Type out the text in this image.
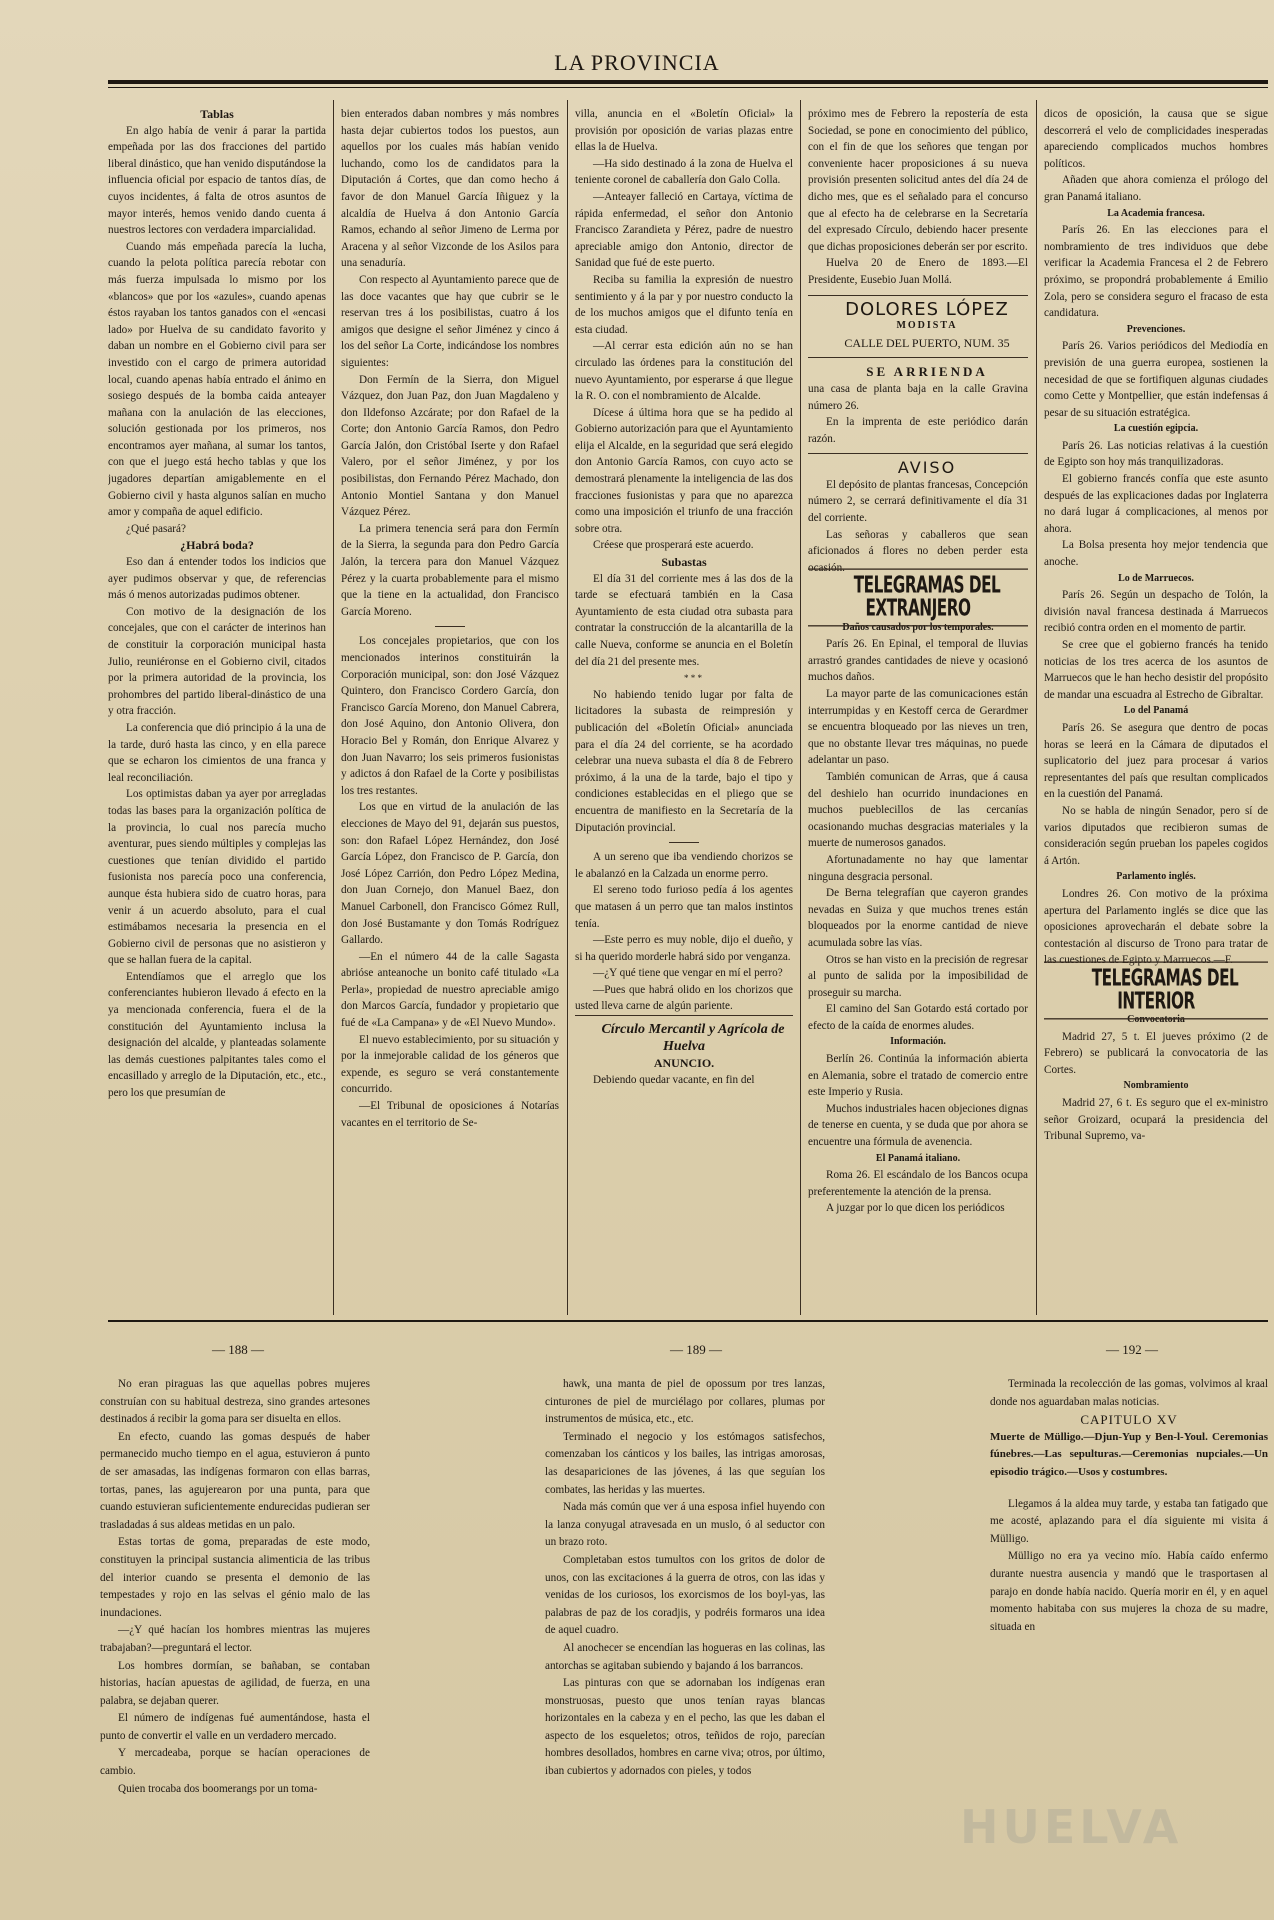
HUELVA
LA PROVINCIA

Tablas

En algo había de venir á parar la partida empeñada por las dos fracciones del partido liberal dinástico, que han venido disputándose la influencia oficial por espacio de tantos días, de cuyos incidentes, á falta de otros asuntos de mayor interés, hemos venido dando cuenta á nuestros lectores con verdadera imparcialidad.

Cuando más empeñada parecía la lucha, cuando la pelota política parecía rebotar con más fuerza impulsada lo mismo por los «blancos» que por los «azules», cuando apenas éstos rayaban los tantos ganados con el «encasi lado» por Huelva de su candidato favorito y daban un nombre en el Gobierno civil para ser investido con el cargo de primera autoridad local, cuando apenas había entrado el ánimo en sosiego después de la bomba caida anteayer mañana con la anulación de las elecciones, solución gestionada por los primeros, nos encontramos ayer mañana, al sumar los tantos, con que el juego está hecho tablas y que los jugadores departían amigablemente en el Gobierno civil y hasta algunos salían en mucho amor y compaña de aquel edificio.

¿Qué pasará?

¿Habrá boda?

Eso dan á entender todos los indicios que ayer pudimos observar y que, de referencias más ó menos autorizadas pudimos obtener.

Con motivo de la designación de los concejales, que con el carácter de interinos han de constituir la corporación municipal hasta Julio, reuniéronse en el Gobierno civil, citados por la primera autoridad de la provincia, los prohombres del partido liberal-dinástico de una y otra fracción.

La conferencia que dió principio á la una de la tarde, duró hasta las cinco, y en ella parece que se echaron los cimientos de una franca y leal reconciliación.

Los optimistas daban ya ayer por arregladas todas las bases para la organización política de la provincia, lo cual nos parecía mucho aventurar, pues siendo múltiples y complejas las cuestiones que tenían dividido el partido fusionista nos parecía poco una conferencia, aunque ésta hubiera sido de cuatro horas, para venir á un acuerdo absoluto, para el cual estimábamos necesaria la presencia en el Gobierno civil de personas que no asistieron y que se hallan fuera de la capital.

Entendíamos que el arreglo que los conferenciantes hubieron llevado á efecto en la ya mencionada conferencia, fuera el de la constitución del Ayuntamiento inclusa la designación del alcalde, y planteadas solamente las demás cuestiones palpitantes tales como el encasillado y arreglo de la Diputación, etc., etc., pero los que presumían de

bien enterados daban nombres y más nombres hasta dejar cubiertos todos los puestos, aun aquellos por los cuales más habían venido luchando, como los de candidatos para la Diputación á Cortes, que dan como hecho á favor de don Manuel García Iñiguez y la alcaldía de Huelva á don Antonio García Ramos, echando al señor Jimeno de Lerma por Aracena y al señor Vizconde de los Asilos para una senaduría.

Con respecto al Ayuntamiento parece que de las doce vacantes que hay que cubrir se le reservan tres á los posibilistas, cuatro á los amigos que designe el señor Jiménez y cinco á los del señor La Corte, indicándose los nombres siguientes:

Don Fermín de la Sierra, don Miguel Vázquez, don Juan Paz, don Juan Magdaleno y don Ildefonso Azcárate; por don Rafael de la Corte; don Antonio García Ramos, don Pedro García Jalón, don Cristóbal Iserte y don Rafael Valero, por el señor Jiménez, y por los posibilistas, don Fernando Pérez Machado, don Antonio Montiel Santana y don Manuel Vázquez Pérez.

La primera tenencia será para don Fermín de la Sierra, la segunda para don Pedro García Jalón, la tercera para don Manuel Vázquez Pérez y la cuarta probablemente para el mismo que la tiene en la actualidad, don Francisco García Moreno.

Los concejales propietarios, que con los mencionados interinos constituirán la Corporación municipal, son: don José Vázquez Quintero, don Francisco Cordero García, don Francisco García Moreno, don Manuel Cabrera, don José Aquino, don Antonio Olivera, don Horacio Bel y Román, don Enrique Alvarez y don Juan Navarro; los seis primeros fusionistas y adictos á don Rafael de la Corte y posibilistas los tres restantes.

Los que en virtud de la anulación de las elecciones de Mayo del 91, dejarán sus puestos, son: don Rafael López Hernández, don José García López, don Francisco de P. García, don José López Carrión, don Pedro López Medina, don Juan Cornejo, don Manuel Baez, don Manuel Carbonell, don Francisco Gómez Rull, don José Bustamante y don Tomás Rodríguez Gallardo.

—En el número 44 de la calle Sagasta abrióse anteanoche un bonito café titulado «La Perla», propiedad de nuestro apreciable amigo don Marcos García, fundador y propietario que fué de «La Campana» y de «El Nuevo Mundo».

El nuevo establecimiento, por su situación y por la inmejorable calidad de los géneros que expende, es seguro se verá constantemente concurrido.

—El Tribunal de oposiciones á Notarías vacantes en el territorio de Se-

villa, anuncia en el «Boletín Oficial» la provisión por oposición de varias plazas entre ellas la de Huelva.

—Ha sido destinado á la zona de Huelva el teniente coronel de caballería don Galo Colla.

—Anteayer falleció en Cartaya, víctima de rápida enfermedad, el señor don Antonio Francisco Zarandieta y Pérez, padre de nuestro apreciable amigo don Antonio, director de Sanidad que fué de este puerto.

Reciba su familia la expresión de nuestro sentimiento y á la par y por nuestro conducto la de los muchos amigos que el difunto tenía en esta ciudad.

—Al cerrar esta edición aún no se han circulado las órdenes para la constitución del nuevo Ayuntamiento, por esperarse á que llegue la R. O. con el nombramiento de Alcalde.

Dícese á última hora que se ha pedido al Gobierno autorización para que el Ayuntamiento elija el Alcalde, en la seguridad que será elegido don Antonio García Ramos, con cuyo acto se demostrará plenamente la inteligencia de las dos fracciones fusionistas y para que no aparezca como una imposición el triunfo de una fracción sobre otra.

Créese que prosperará este acuerdo.

Subastas

El día 31 del corriente mes á las dos de la tarde se efectuará también en la Casa Ayuntamiento de esta ciudad otra subasta para contratar la construcción de la alcantarilla de la calle Nueva, conforme se anuncia en el Boletín del día 21 del presente mes.

* * *

No habiendo tenido lugar por falta de licitadores la subasta de reimpresión y publicación del «Boletín Oficial» anunciada para el día 24 del corriente, se ha acordado celebrar una nueva subasta el día 8 de Febrero próximo, á la una de la tarde, bajo el tipo y condiciones establecidas en el pliego que se encuentra de manifiesto en la Secretaría de la Diputación provincial.

A un sereno que iba vendiendo chorizos se le abalanzó en la Calzada un enorme perro.

El sereno todo furioso pedía á los agentes que matasen á un perro que tan malos instintos tenía.

—Este perro es muy noble, dijo el dueño, y si ha querido morderle habrá sido por venganza.

—¿Y qué tiene que vengar en mí el perro?

—Pues que habrá olido en los chorizos que usted lleva carne de algún pariente.

Círculo Mercantil y Agrícola de Huelva

ANUNCIO.

Debiendo quedar vacante, en fin del

próximo mes de Febrero la repostería de esta Sociedad, se pone en conocimiento del público, con el fin de que los señores que tengan por conveniente hacer proposiciones á su nueva provisión presenten solicitud antes del día 24 de dicho mes, que es el señalado para el concurso que al efecto ha de celebrarse en la Secretaría del expresado Círculo, debiendo hacer presente que dichas proposiciones deberán ser por escrito.

Huelva 20 de Enero de 1893.—El Presidente, Eusebio Juan Mollá.

DOLORES LÓPEZ

MODISTA

CALLE DEL PUERTO, NUM. 35

SE ARRIENDA

una casa de planta baja en la calle Gravina número 26.

En la imprenta de este periódico darán razón.

AVISO

El depósito de plantas francesas, Concepción número 2, se cerrará definitivamente el día 31 del corriente.

Las señoras y caballeros que sean aficionados á flores no deben perder esta ocasión.

TELEGRAMAS DEL EXTRANJERO

Daños causados por los temporales.

París 26. En Epinal, el temporal de lluvias arrastró grandes cantidades de nieve y ocasionó muchos daños.

La mayor parte de las comunicaciones están interrumpidas y en Kestoff cerca de Gerardmer se encuentra bloqueado por las nieves un tren, que no obstante llevar tres máquinas, no puede adelantar un paso.

También comunican de Arras, que á causa del deshielo han ocurrido inundaciones en muchos pueblecillos de las cercanías ocasionando muchas desgracias materiales y la muerte de numerosos ganados.

Afortunadamente no hay que lamentar ninguna desgracia personal.

De Berna telegrafían que cayeron grandes nevadas en Suiza y que muchos trenes están bloqueados por la enorme cantidad de nieve acumulada sobre las vías.

Otros se han visto en la precisión de regresar al punto de salida por la imposibilidad de proseguir su marcha.

El camino del San Gotardo está cortado por efecto de la caída de enormes aludes.

Información.

Berlín 26. Continúa la información abierta en Alemania, sobre el tratado de comercio entre este Imperio y Rusia.

Muchos industriales hacen objeciones dignas de tenerse en cuenta, y se duda que por ahora se encuentre una fórmula de avenencia.

El Panamá italiano.

Roma 26. El escándalo de los Bancos ocupa preferentemente la atención de la prensa.

A juzgar por lo que dicen los periódicos

dicos de oposición, la causa que se sigue descorrerá el velo de complicidades inesperadas apareciendo complicados muchos hombres políticos.

Añaden que ahora comienza el prólogo del gran Panamá italiano.

La Academia francesa.

París 26. En las elecciones para el nombramiento de tres individuos que debe verificar la Academia Francesa el 2 de Febrero próximo, se propondrá probablemente á Emilio Zola, pero se considera seguro el fracaso de esta candidatura.

Prevenciones.

París 26. Varios periódicos del Mediodía en previsión de una guerra europea, sostienen la necesidad de que se fortifiquen algunas ciudades como Cette y Montpellier, que están indefensas á pesar de su situación estratégica.

La cuestión egipcia.

París 26. Las noticias relativas á la cuestión de Egipto son hoy más tranquilizadoras.

El gobierno francés confía que este asunto después de las explicaciones dadas por Inglaterra no dará lugar á complicaciones, al menos por ahora.

La Bolsa presenta hoy mejor tendencia que anoche.

Lo de Marruecos.

París 26. Según un despacho de Tolón, la división naval francesa destinada á Marruecos recibió contra orden en el momento de partir.

Se cree que el gobierno francés ha tenido noticias de los tres acerca de los asuntos de Marruecos que le han hecho desistir del propósito de mandar una escuadra al Estrecho de Gibraltar.

Lo del Panamá

París 26. Se asegura que dentro de pocas horas se leerá en la Cámara de diputados el suplicatorio del juez para procesar á varios representantes del país que resultan complicados en la cuestión del Panamá.

No se habla de ningún Senador, pero sí de varios diputados que recibieron sumas de consideración según prueban los papeles cogidos á Artón.

Parlamento inglés.

Londres 26. Con motivo de la próxima apertura del Parlamento inglés se dice que las oposiciones aprovecharán el debate sobre la contestación al discurso de Trono para tratar de las cuestiones de Egipto y Marruecos.—F.

TELEGRAMAS DEL INTERIOR

Convocatoria

Madrid 27, 5 t. El jueves próximo (2 de Febrero) se publicará la convocatoria de las Cortes.

Nombramiento

Madrid 27, 6 t. Es seguro que el ex-ministro señor Groizard, ocupará la presidencia del Tribunal Supremo, va-

— 188 —	— 189 —	— 192 —

No eran piraguas las que aquellas pobres mujeres construían con su habitual destreza, sino grandes artesones destinados á recibir la goma para ser disuelta en ellos.

En efecto, cuando las gomas después de haber permanecido mucho tiempo en el agua, estuvieron á punto de ser amasadas, las indígenas formaron con ellas barras, tortas, panes, las agujerearon por una punta, para que cuando estuvieran suficientemente endurecidas pudieran ser trasladadas á sus aldeas metidas en un palo.

Estas tortas de goma, preparadas de este modo, constituyen la principal sustancia alimenticia de las tribus del interior cuando se presenta el demonio de las tempestades y rojo en las selvas el génio malo de las inundaciones.

—¿Y qué hacían los hombres mientras las mujeres trabajaban?—preguntará el lector.

Los hombres dormían, se bañaban, se contaban historias, hacían apuestas de agilidad, de fuerza, en una palabra, se dejaban querer.

El número de indígenas fué aumentándose, hasta el punto de convertir el valle en un verdadero mercado.

Y mercadeaba, porque se hacían operaciones de cambio.

Quien trocaba dos boomerangs por un toma-

hawk, una manta de piel de opossum por tres lanzas, cinturones de piel de murciélago por collares, plumas por instrumentos de música, etc., etc.

Terminado el negocio y los estómagos satisfechos, comenzaban los cánticos y los bailes, las intrigas amorosas, las desapariciones de las jóvenes, á las que seguían los combates, las heridas y las muertes.

Nada más común que ver á una esposa infiel huyendo con la lanza conyugal atravesada en un muslo, ó al seductor con un brazo roto.

Completaban estos tumultos con los gritos de dolor de unos, con las excitaciones á la guerra de otros, con las idas y venidas de los curiosos, los exorcismos de los boyl-yas, las palabras de paz de los coradjis, y podréis formaros una idea de aquel cuadro.

Al anochecer se encendían las hogueras en las colinas, las antorchas se agitaban subiendo y bajando á los barrancos.

Las pinturas con que se adornaban los indígenas eran monstruosas, puesto que unos tenían rayas blancas horizontales en la cabeza y en el pecho, las que les daban el aspecto de los esqueletos; otros, teñidos de rojo, parecían hombres desollados, hombres en carne viva; otros, por último, iban cubiertos y adornados con pieles, y todos

Terminada la recolección de las gomas, volvimos al kraal donde nos aguardaban malas noticias.

CAPITULO XV

Muerte de Mülligo.—Djun-Yup y Ben-l-Youl. Ceremonias fúnebres.—Las sepulturas.—Ceremonias nupciales.—Un episodio trágico.—Usos y costumbres.

Llegamos á la aldea muy tarde, y estaba tan fatigado que me acosté, aplazando para el día siguiente mi visita á Mülligo.

Mülligo no era ya vecino mío. Había caído enfermo durante nuestra ausencia y mandó que le trasportasen al parajo en donde había nacido. Quería morir en él, y en aquel momento habitaba con sus mujeres la choza de su madre, situada en
